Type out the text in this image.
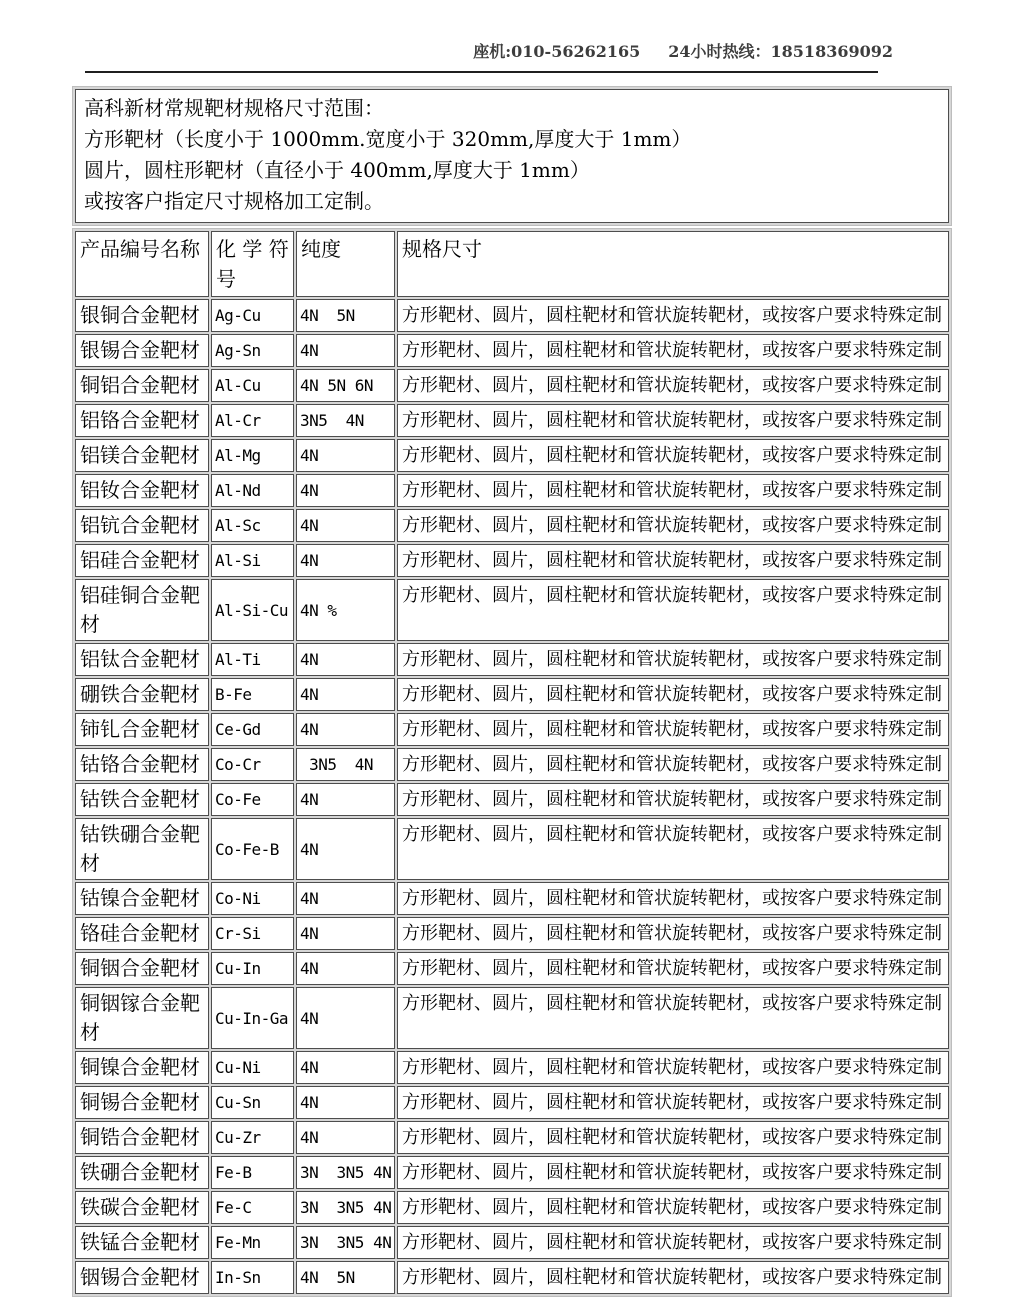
座机:010-56262165 24小时热线：18518369092

高科新材常规靶材规格尺寸范围：

方形靶材（长度小于 1000mm.宽度小于 320mm,厚度大于 1mm）

圆片，圆柱形靶材（直径小于 400mm,厚度大于 1mm）

或按客户指定尺寸规格加工定制。

产品编号名称	化 学 符号	纯度	规格尺寸
银铜合金靶材	Ag-Cu	4N  5N	方形靶材、圆片，圆柱靶材和管状旋转靶材，或按客户要求特殊定制
银锡合金靶材	Ag-Sn	4N	方形靶材、圆片，圆柱靶材和管状旋转靶材，或按客户要求特殊定制
铜铝合金靶材	Al-Cu	4N 5N 6N	方形靶材、圆片，圆柱靶材和管状旋转靶材，或按客户要求特殊定制
铝铬合金靶材	Al-Cr	3N5  4N	方形靶材、圆片，圆柱靶材和管状旋转靶材，或按客户要求特殊定制
铝镁合金靶材	Al-Mg	4N	方形靶材、圆片，圆柱靶材和管状旋转靶材，或按客户要求特殊定制
铝钕合金靶材	Al-Nd	4N	方形靶材、圆片，圆柱靶材和管状旋转靶材，或按客户要求特殊定制
铝钪合金靶材	Al-Sc	4N	方形靶材、圆片，圆柱靶材和管状旋转靶材，或按客户要求特殊定制
铝硅合金靶材	Al-Si	4N	方形靶材、圆片，圆柱靶材和管状旋转靶材，或按客户要求特殊定制
铝硅铜合金靶材	Al-Si-Cu	4N %	方形靶材、圆片，圆柱靶材和管状旋转靶材，或按客户要求特殊定制
铝钛合金靶材	Al-Ti	4N	方形靶材、圆片，圆柱靶材和管状旋转靶材，或按客户要求特殊定制
硼铁合金靶材	B-Fe	4N	方形靶材、圆片，圆柱靶材和管状旋转靶材，或按客户要求特殊定制
铈钆合金靶材	Ce-Gd	4N	方形靶材、圆片，圆柱靶材和管状旋转靶材，或按客户要求特殊定制
钴铬合金靶材	Co-Cr	3N5  4N	方形靶材、圆片，圆柱靶材和管状旋转靶材，或按客户要求特殊定制
钴铁合金靶材	Co-Fe	4N	方形靶材、圆片，圆柱靶材和管状旋转靶材，或按客户要求特殊定制
钴铁硼合金靶材	Co-Fe-B	4N	方形靶材、圆片，圆柱靶材和管状旋转靶材，或按客户要求特殊定制
钴镍合金靶材	Co-Ni	4N	方形靶材、圆片，圆柱靶材和管状旋转靶材，或按客户要求特殊定制
铬硅合金靶材	Cr-Si	4N	方形靶材、圆片，圆柱靶材和管状旋转靶材，或按客户要求特殊定制
铜铟合金靶材	Cu-In	4N	方形靶材、圆片，圆柱靶材和管状旋转靶材，或按客户要求特殊定制
铜铟镓合金靶材	Cu-In-Ga	4N	方形靶材、圆片，圆柱靶材和管状旋转靶材，或按客户要求特殊定制
铜镍合金靶材	Cu-Ni	4N	方形靶材、圆片，圆柱靶材和管状旋转靶材，或按客户要求特殊定制
铜锡合金靶材	Cu-Sn	4N	方形靶材、圆片，圆柱靶材和管状旋转靶材，或按客户要求特殊定制
铜锆合金靶材	Cu-Zr	4N	方形靶材、圆片，圆柱靶材和管状旋转靶材，或按客户要求特殊定制
铁硼合金靶材	Fe-B	3N  3N5 4N	方形靶材、圆片，圆柱靶材和管状旋转靶材，或按客户要求特殊定制
铁碳合金靶材	Fe-C	3N  3N5 4N	方形靶材、圆片，圆柱靶材和管状旋转靶材，或按客户要求特殊定制
铁锰合金靶材	Fe-Mn	3N  3N5 4N	方形靶材、圆片，圆柱靶材和管状旋转靶材，或按客户要求特殊定制
铟锡合金靶材	In-Sn	4N  5N	方形靶材、圆片，圆柱靶材和管状旋转靶材，或按客户要求特殊定制
